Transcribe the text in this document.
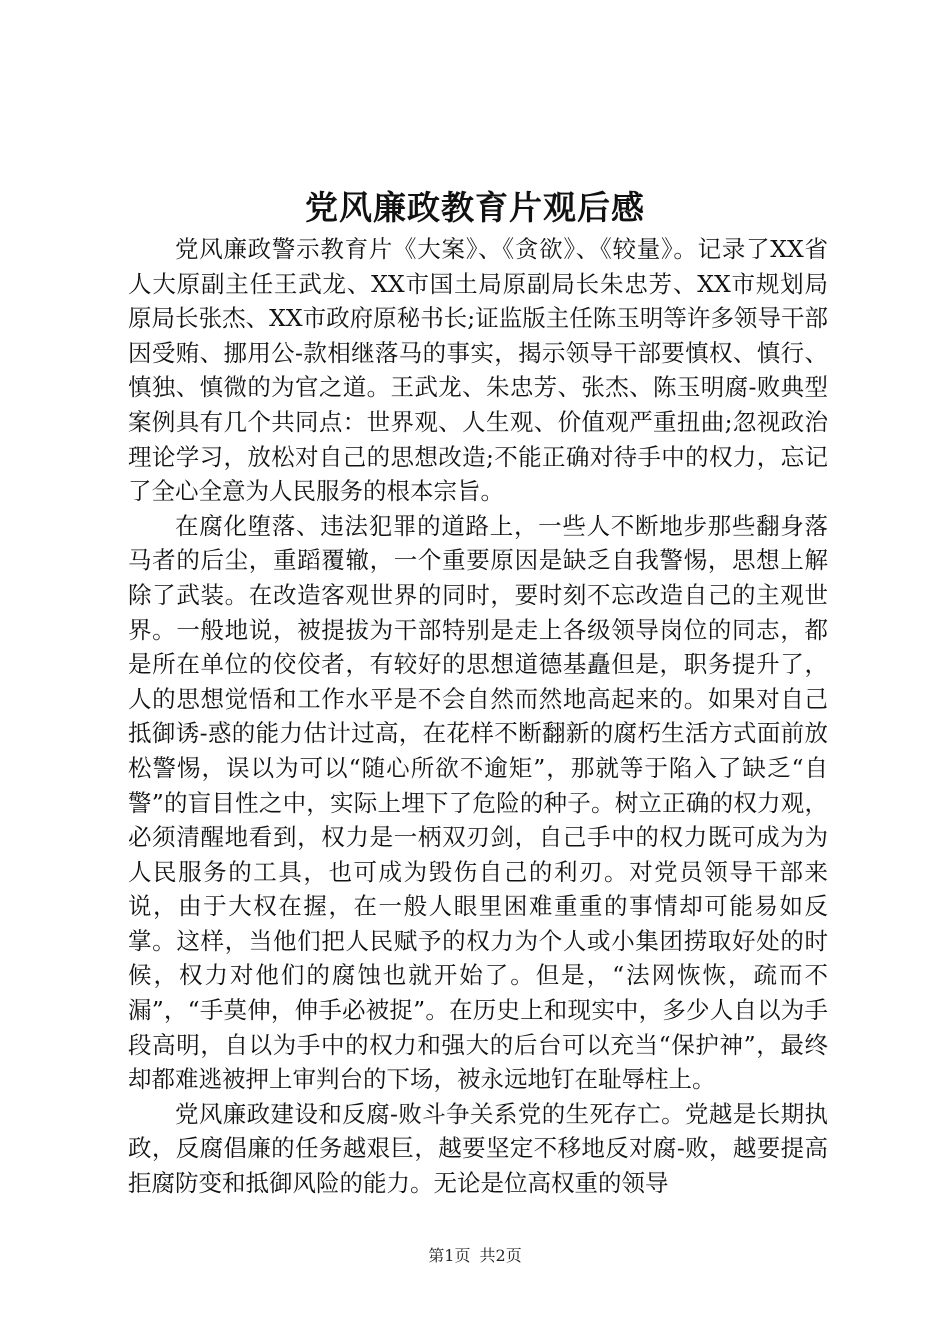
党风廉政教育片观后感

党风廉政警示教育片《大案》、《贪欲》、《较量》。记录了XX省人大原副主任王武龙、XX市国土局原副局长朱忠芳、XX市规划局原局长张杰、XX市政府原秘书长;证监版主任陈玉明等许多领导干部因受贿、挪用公-款相继落马的事实，揭示领导干部要慎权、慎行、慎独、慎微的为官之道。王武龙、朱忠芳、张杰、陈玉明腐-败典型案例具有几个共同点：世界观、人生观、价值观严重扭曲;忽视政治理论学习，放松对自己的思想改造;不能正确对待手中的权力，忘记了全心全意为人民服务的根本宗旨。

在腐化堕落、违法犯罪的道路上，一些人不断地步那些翻身落马者的后尘，重蹈覆辙，一个重要原因是缺乏自我警惕，思想上解除了武装。在改造客观世界的同时，要时刻不忘改造自己的主观世界。一般地说，被提拔为干部特别是走上各级领导岗位的同志，都是所在单位的佼佼者，有较好的思想道德基矗但是，职务提升了，人的思想觉悟和工作水平是不会自然而然地高起来的。如果对自己抵御诱-惑的能力估计过高，在花样不断翻新的腐朽生活方式面前放松警惕，误以为可以“随心所欲不逾矩”，那就等于陷入了缺乏“自警”的盲目性之中，实际上埋下了危险的种子。树立正确的权力观，必须清醒地看到，权力是一柄双刃剑，自己手中的权力既可成为为人民服务的工具，也可成为毁伤自己的利刃。对党员领导干部来说，由于大权在握，在一般人眼里困难重重的事情却可能易如反掌。这样，当他们把人民赋予的权力为个人或小集团捞取好处的时候，权力对他们的腐蚀也就开始了。但是，“法网恢恢，疏而不漏”，“手莫伸，伸手必被捉”。在历史上和现实中，多少人自以为手段高明，自以为手中的权力和强大的后台可以充当“保护神”，最终却都难逃被押上审判台的下场，被永远地钉在耻辱柱上。

党风廉政建设和反腐-败斗争关系党的生死存亡。党越是长期执政，反腐倡廉的任务越艰巨，越要坚定不移地反对腐-败，越要提高拒腐防变和抵御风险的能力。无论是位高权重的领导

第1页 共2页
